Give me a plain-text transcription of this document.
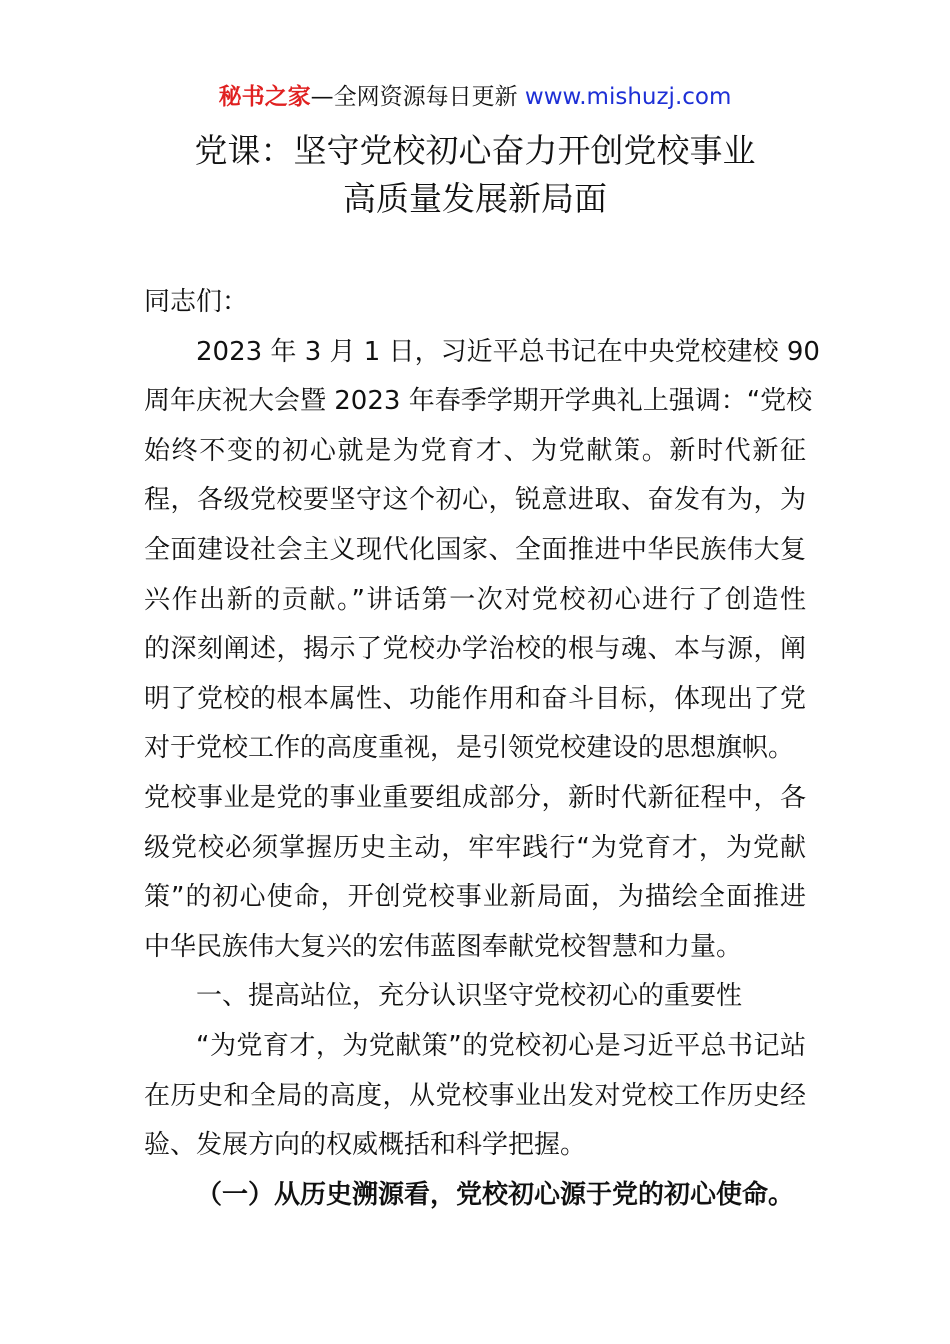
秘书之家—全网资源每日更新 www.mishuzj.com
党课：坚守党校初心奋力开创党校事业
高质量发展新局面
同志们：
2023 年 3 月 1 日，习近平总书记在中央党校建校 90
周年庆祝大会暨 2023 年春季学期开学典礼上强调：“党校
始终不变的初心就是为党育才、为党献策。新时代新征
程，各级党校要坚守这个初心，锐意进取、奋发有为，为
全面建设社会主义现代化国家、全面推进中华民族伟大复
兴作出新的贡献。”讲话第一次对党校初心进行了创造性
的深刻阐述，揭示了党校办学治校的根与魂、本与源，阐
明了党校的根本属性、功能作用和奋斗目标，体现出了党
对于党校工作的高度重视，是引领党校建设的思想旗帜。
党校事业是党的事业重要组成部分，新时代新征程中，各
级党校必须掌握历史主动，牢牢践行“为党育才，为党献
策”的初心使命，开创党校事业新局面，为描绘全面推进
中华民族伟大复兴的宏伟蓝图奉献党校智慧和力量。
一、提高站位，充分认识坚守党校初心的重要性
“为党育才，为党献策”的党校初心是习近平总书记站
在历史和全局的高度，从党校事业出发对党校工作历史经
验、发展方向的权威概括和科学把握。
（一）从历史溯源看，党校初心源于党的初心使命。
